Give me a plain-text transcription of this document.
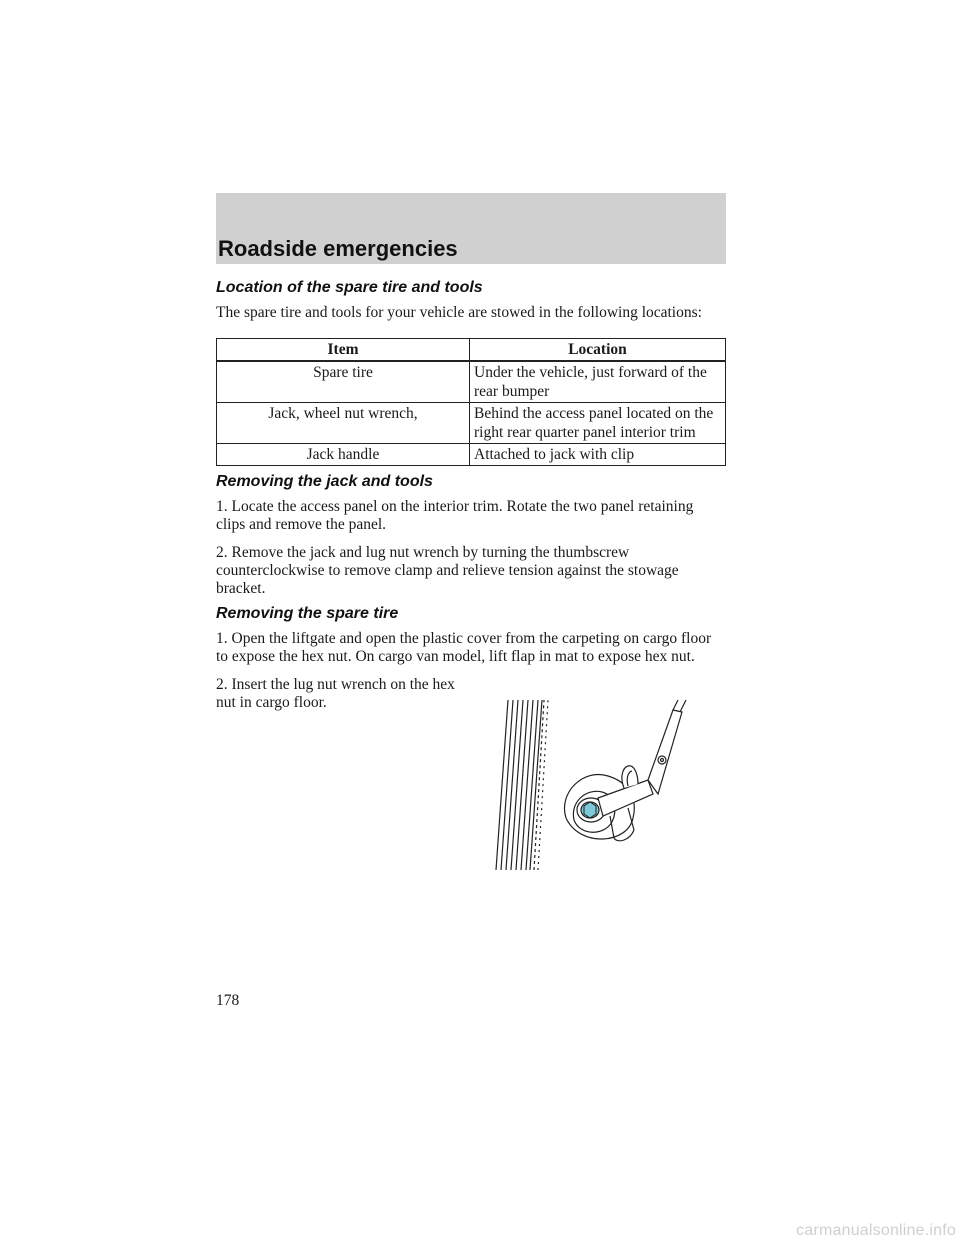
Roadside emergencies
Location of the spare tire and tools

The spare tire and tools for your vehicle are stowed in the following locations:

Item	Location
Spare tire	Under the vehicle, just forward of the rear bumper
Jack, wheel nut wrench,	Behind the access panel located on the right rear quarter panel interior trim
Jack handle	Attached to jack with clip
Removing the jack and tools

1. Locate the access panel on the interior trim. Rotate the two panel retaining clips and remove the panel.

2. Remove the jack and lug nut wrench by turning the thumbscrew counterclockwise to remove clamp and relieve tension against the stowage bracket.

Removing the spare tire

1. Open the liftgate and open the plastic cover from the carpeting on cargo floor to expose the hex nut. On cargo van model, lift flap in mat to expose hex nut.

2. Insert the lug nut wrench on the hex nut in cargo floor.

178
carmanualsonline.info
